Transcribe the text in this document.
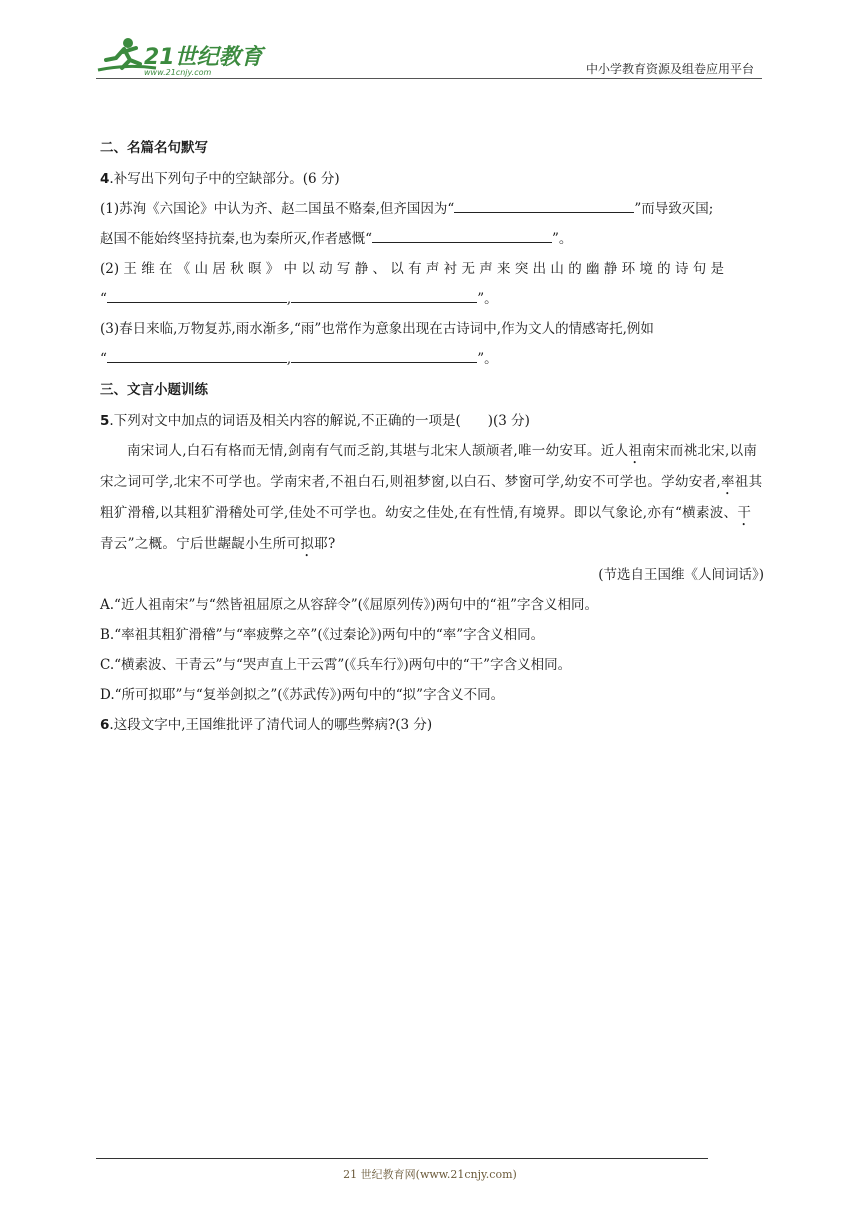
21世纪教育
www.21cnjy.com	中小学教育资源及组卷应用平台

二、名篇名句默写

4.补写出下列句子中的空缺部分。(6 分)

(1)苏洵《六国论》中认为齐、赵二国虽不赂秦,但齐国因为“	”而导致灭国;
赵国不能始终坚持抗秦,也为秦所灭,作者感慨“	”。

(2) 王 维 在 《 山 居 秋 暝 》 中 以 动 写 静 、 以 有 声 衬 无 声 来 突 出 山 的 幽 静 环 境 的 诗 句 是
“	,	”。

(3)春日来临,万物复苏,雨水渐多,“雨”也常作为意象出现在古诗词中,作为文人的情感寄托,例如
“	,	”。

三、文言小题训练

5.下列对文中加点的词语及相关内容的解说,不正确的一项是(　　)(3 分)

南宋词人,白石有格而无情,剑南有气而乏韵,其堪与北宋人颉颃者,唯一幼安耳。近人祖南宋而祧北宋,以南宋之词可学,北宋不可学也。学南宋者,不祖白石,则祖梦窗,以白石、梦窗可学,幼安不可学也。学幼安者,率祖其粗犷滑稽,以其粗犷滑稽处可学,佳处不可学也。幼安之佳处,在有性情,有境界。即以气象论,亦有“横素波、干青云”之概。宁后世龌龊小生所可拟耶?

(节选自王国维《人间词话》)

A.“近人祖南宋”与“然皆祖屈原之从容辞令”(《屈原列传》)两句中的“祖”字含义相同。

B.“率祖其粗犷滑稽”与“率疲弊之卒”(《过秦论》)两句中的“率”字含义相同。

C.“横素波、干青云”与“哭声直上干云霄”(《兵车行》)两句中的“干”字含义相同。

D.“所可拟耶”与“复举剑拟之”(《苏武传》)两句中的“拟”字含义不同。

6.这段文字中,王国维批评了清代词人的哪些弊病?(3 分)

21 世纪教育网(www.21cnjy.com)
